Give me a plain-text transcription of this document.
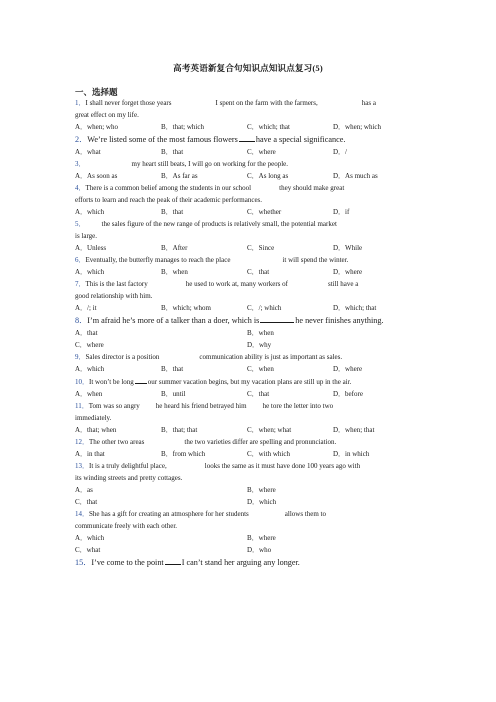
高考英语新复合句知识点知识点复习(5)
一、选择题
1．I shall never forget those years	I spent on the farm with the farmers,	has a
great effect on my life.
A．when; who	B．that; which	C．which; that	D．when; which
2．We’re listed some of the most famous flowers have a special significance.
A．what	B．that	C．where	D．/
3．	my heart still beats, I will go on working for the people.
A．As soon as	B．As far as	C．As long as	D．As much as
4．There is a common belief among the students in our school	they should make great
efforts to learn and reach the peak of their academic performances.
A．which	B．that	C．whether	D．if
5． the sales figure of the new range of products is relatively small, the potential market
is large.
A．Unless	B．After	C．Since	D．While
6．Eventually, the butterfly manages to reach the place	it will spend the winter.
A．which	B．when	C．that	D．where
7．This is the last factory	he used to work at, many workers of	still have a
good relationship with him.
A．/; it	B．which; whom	C．/; which	D．which; that
8．I’m afraid he’s more of a talker than a doer, which is	he never finishes anything.
A．that	B．when
C．where	D．why
9．Sales director is a position	communication ability is just as important as sales.
A．which	B．that	C．when	D．where
10．It won’t be long our summer vacation begins, but my vacation plans are still up in the air.
A．when	B．until	C．that	D．before
11．Tom was so angry he heard his friend betrayed him he tore the letter into two
immediately.
A．that; when	B．that; that	C．when; what	D．when; that
12．The other two areas	the two varieties differ are spelling and pronunciation.
A．in that	B．from which	C．with which	D．in which
13．It is a truly delightful place,	looks the same as it must have done 100 years ago with
its winding streets and pretty cottages.
A．as	B．where
C．that	D．which
14．She has a gift for creating an atmosphere for her students	allows them to
communicate freely with each other.
A．which	B．where
C．what	D．who
15．I’ve come to the point I can’t stand her arguing any longer.
